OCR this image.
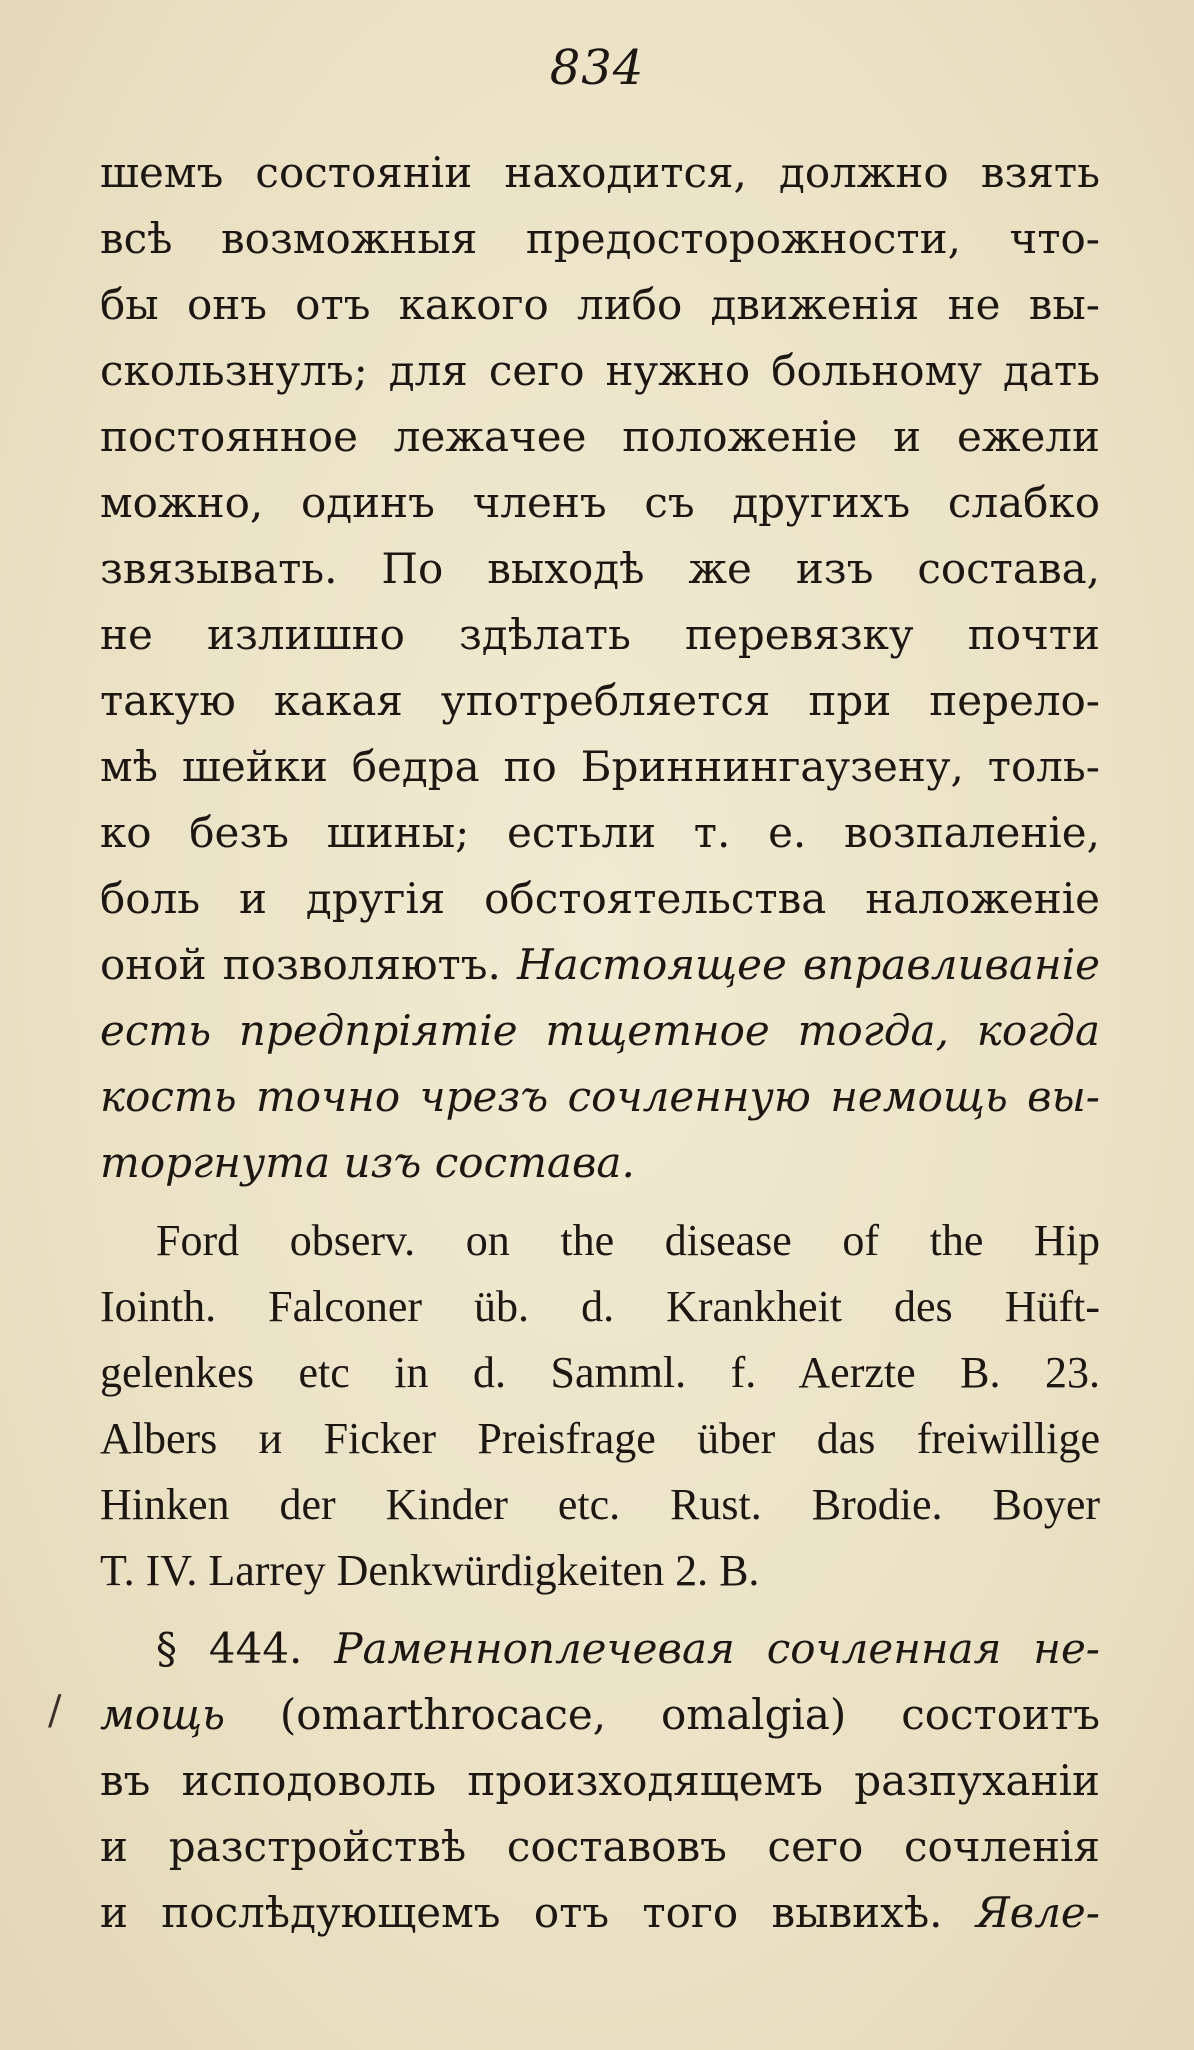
834
/
шемъ состоянiи находится, должно взять
всѣ возможныя предосторожности, что-
бы онъ отъ какого либо движенiя не вы-
скользнулъ; для сего нужно больному дать
постоянное лежачее положенiе и ежели
можно, одинъ членъ съ другихъ слабко
звязывать. По выходѣ же изъ состава,
не излишно здѣлать перевязку почти
такую какая употребляется при перело-
мѣ шейки бедра по Бриннингаузену, толь-
ко безъ шины; естьли т. е. возпаленiе,
боль и другiя обстоятельства наложенiе
оной позволяютъ. Настоящее вправливанiе
есть предпрiятiе тщетное тогда, когда
кость точно чрезъ сочленную немощь вы-
торгнута изъ состава.
Ford observ. on the disease of the Hip
Iointh. Falconer üb. d. Krankheit des Hüft-
gelenkes etc in d. Samml. f. Aerzte B. 23.
Albers и Ficker Preisfrage über das freiwillige
Hinken der Kinder etc. Rust. Brodie. Boyer
T. IV. Larrey Denkwürdigkeiten 2. B.
§ 444. Раменноплечевая сочленная не-
мощь (omarthrocace, omalgia) состоитъ
въ исподоволь произходящемъ разпуханiи
и разстройствѣ составовъ сего сочленiя
и послѣдующемъ отъ того вывихѣ. Явле-
